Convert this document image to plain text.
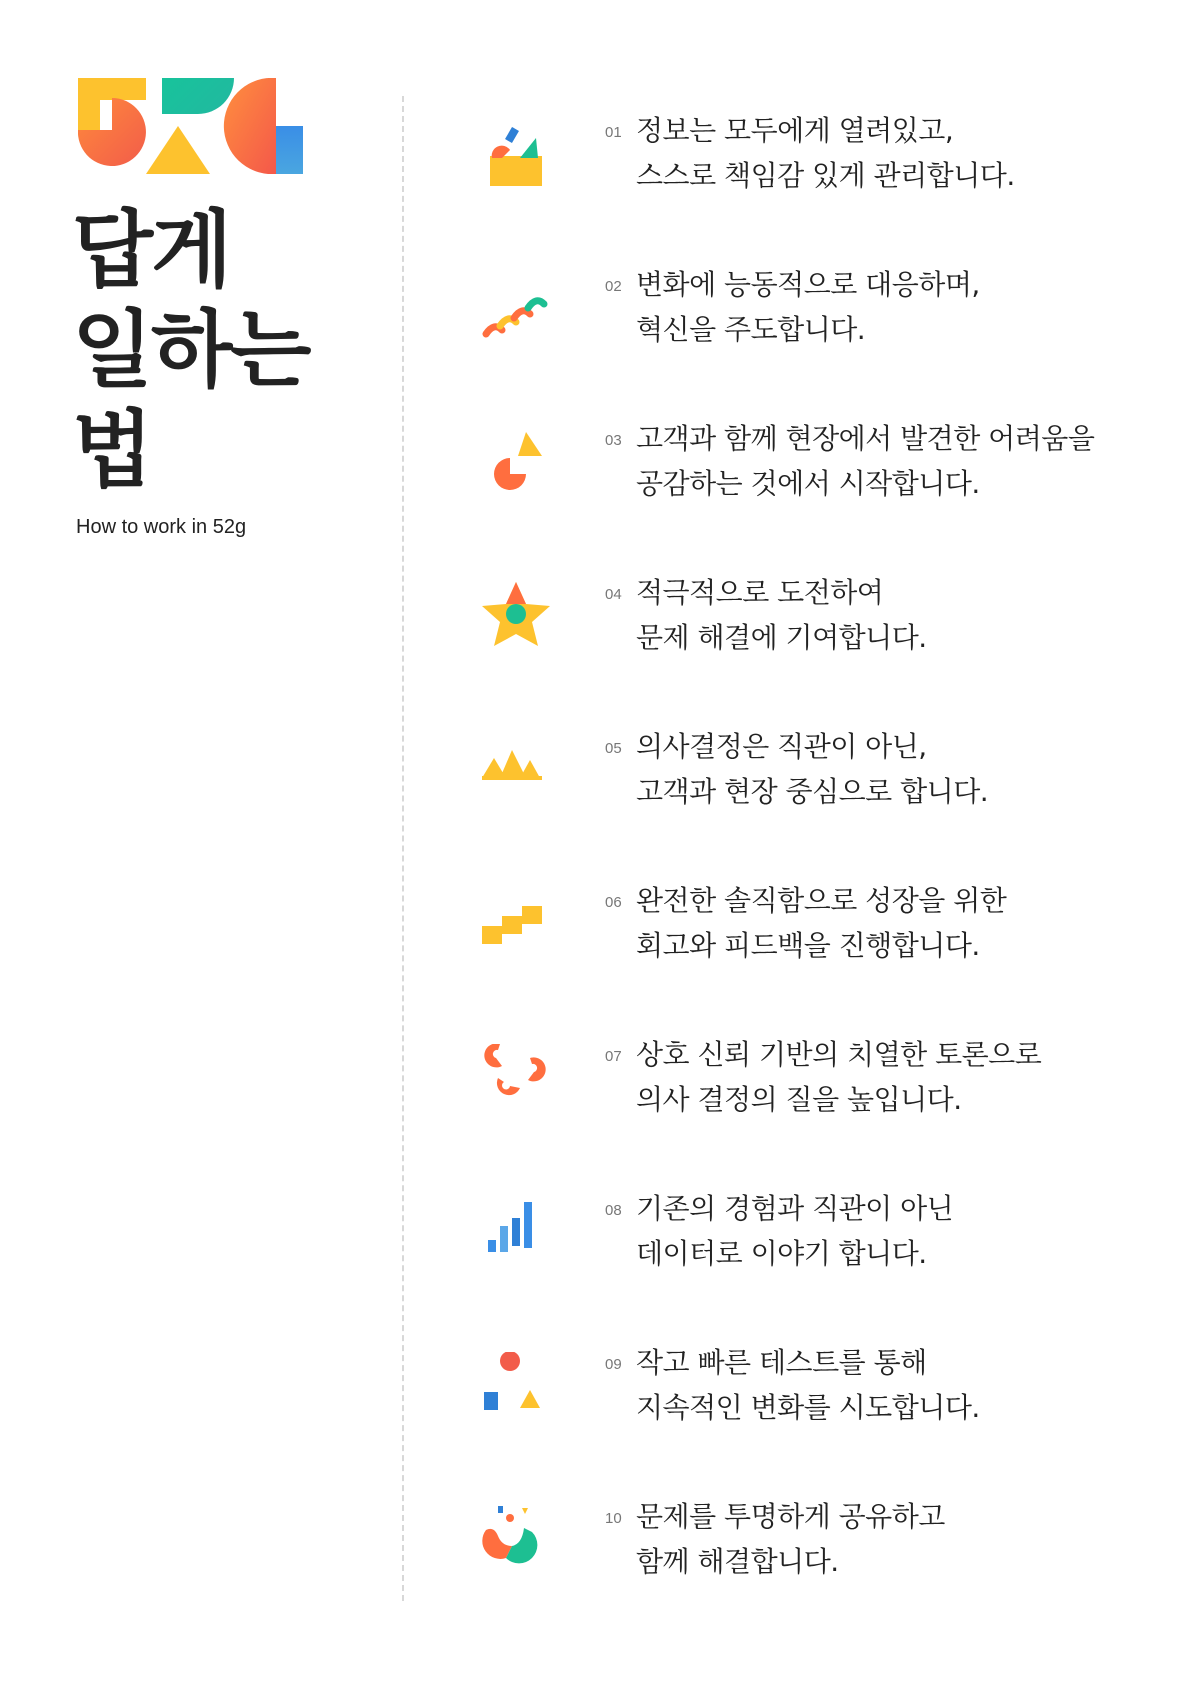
답게
일하는
법

How to work in 52g

01 정보는 모두에게 열려있고,
스스로 책임감 있게 관리합니다.

02 변화에 능동적으로 대응하며,
혁신을 주도합니다.

03 고객과 함께 현장에서 발견한 어려움을
공감하는 것에서 시작합니다.

04 적극적으로 도전하여
문제 해결에 기여합니다.

05 의사결정은 직관이 아닌,
고객과 현장 중심으로 합니다.

06 완전한 솔직함으로 성장을 위한
회고와 피드백을 진행합니다.

07 상호 신뢰 기반의 치열한 토론으로
의사 결정의 질을 높입니다.

08 기존의 경험과 직관이 아닌
데이터로 이야기 합니다.

09 작고 빠른 테스트를 통해
지속적인 변화를 시도합니다.

10 문제를 투명하게 공유하고
함께 해결합니다.
